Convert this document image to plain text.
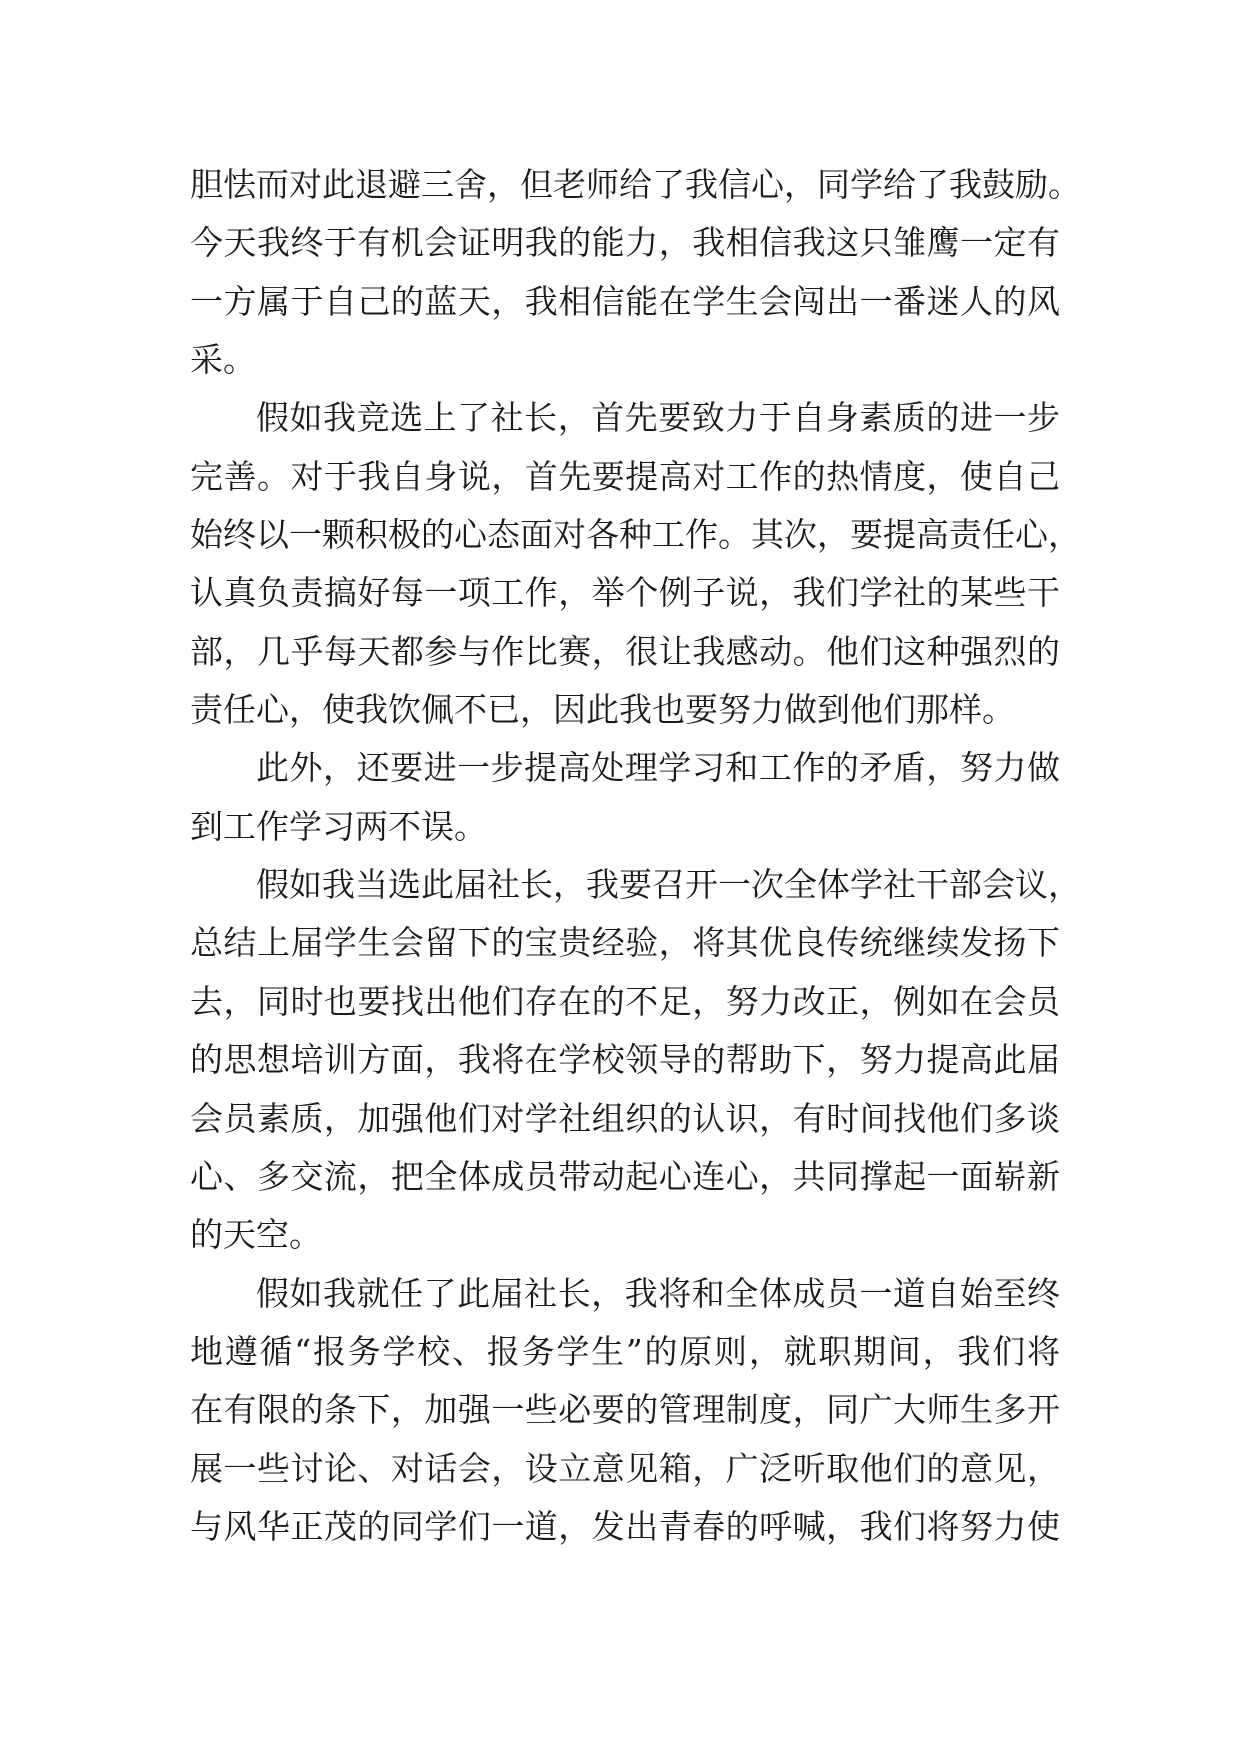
胆怯而对此退避三舍，但老师给了我信心，同学给了我鼓励。
今天我终于有机会证明我的能力，我相信我这只雏鹰一定有
一方属于自己的蓝天，我相信能在学生会闯出一番迷人的风
采。
假如我竞选上了社长，首先要致力于自身素质的进一步
完善。对于我自身说，首先要提高对工作的热情度，使自己
始终以一颗积极的心态面对各种工作。其次，要提高责任心，
认真负责搞好每一项工作，举个例子说，我们学社的某些干
部，几乎每天都参与作比赛，很让我感动。他们这种强烈的
责任心，使我饮佩不已，因此我也要努力做到他们那样。
此外，还要进一步提高处理学习和工作的矛盾，努力做
到工作学习两不误。
假如我当选此届社长，我要召开一次全体学社干部会议，
总结上届学生会留下的宝贵经验，将其优良传统继续发扬下
去，同时也要找出他们存在的不足，努力改正，例如在会员
的思想培训方面，我将在学校领导的帮助下，努力提高此届
会员素质，加强他们对学社组织的认识，有时间找他们多谈
心、多交流，把全体成员带动起心连心，共同撑起一面崭新
的天空。
假如我就任了此届社长，我将和全体成员一道自始至终
地遵循“报务学校、报务学生”的原则，就职期间，我们将
在有限的条下，加强一些必要的管理制度，同广大师生多开
展一些讨论、对话会，设立意见箱，广泛听取他们的意见，
与风华正茂的同学们一道，发出青春的呼喊，我们将努力使
